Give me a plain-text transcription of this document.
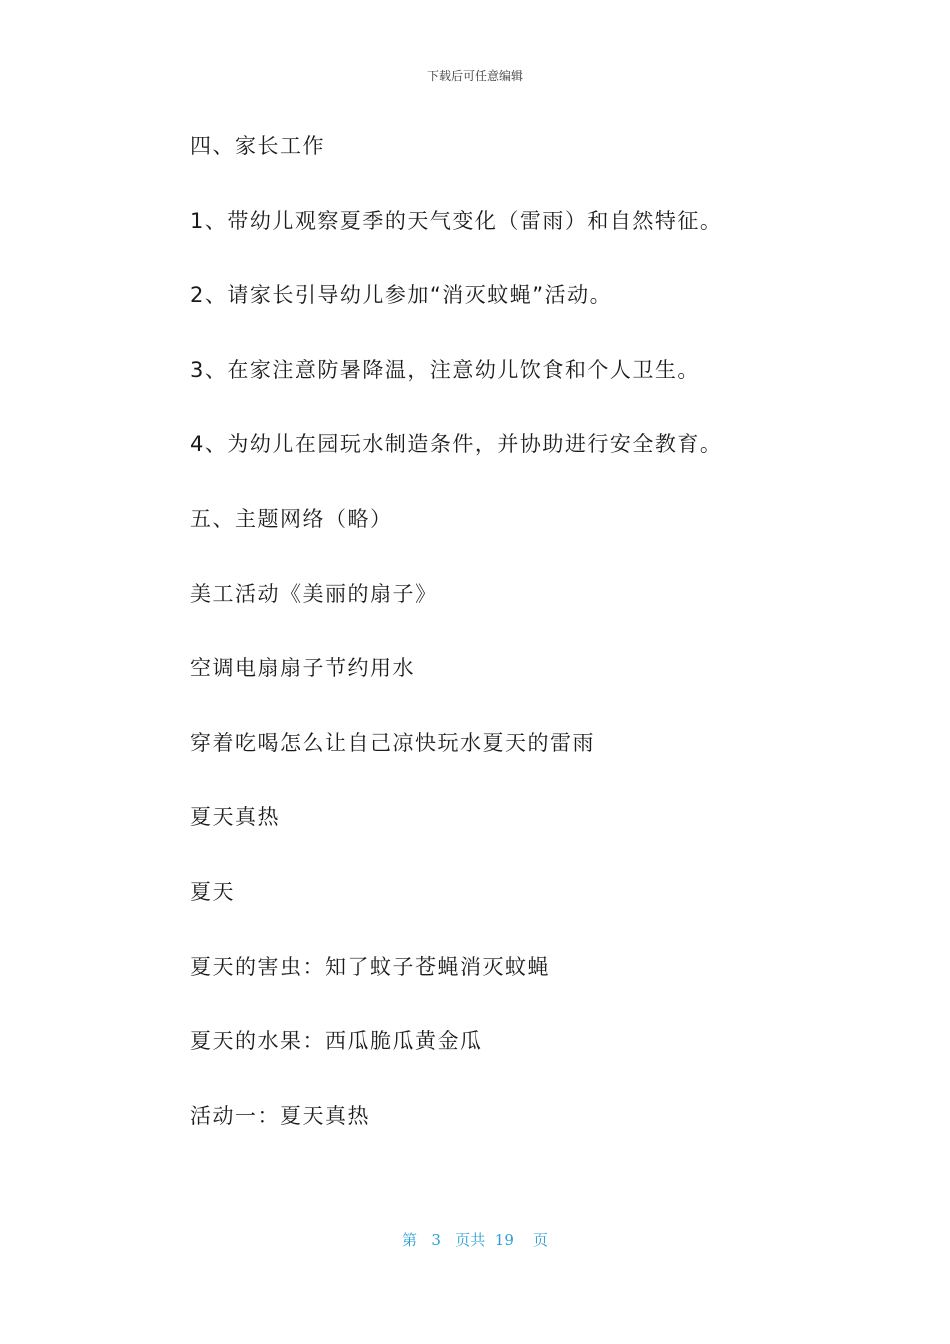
下载后可任意编辑

四、家长工作

1、带幼儿观察夏季的天气变化（雷雨）和自然特征。

2、请家长引导幼儿参加“消灭蚊蝇”活动。

3、在家注意防暑降温，注意幼儿饮食和个人卫生。

4、为幼儿在园玩水制造条件，并协助进行安全教育。

五、主题网络（略）

美工活动《美丽的扇子》

空调电扇扇子节约用水

穿着吃喝怎么让自己凉快玩水夏天的雷雨

夏天真热

夏天

夏天的害虫：知了蚊子苍蝇消灭蚊蝇

夏天的水果：西瓜脆瓜黄金瓜

活动一：夏天真热

第 3 页共 19 页
